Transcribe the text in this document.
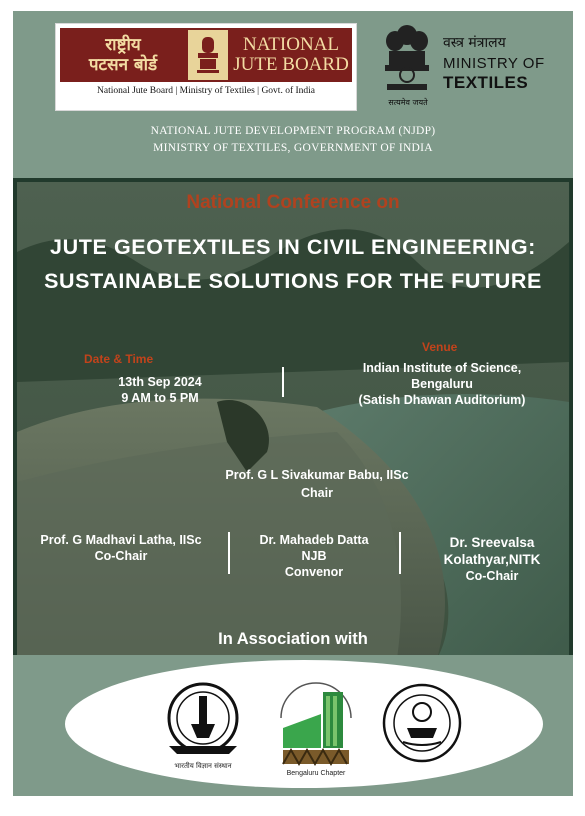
राष्ट्रीय
पटसन बोर्ड
NATIONAL
JUTE BOARD
National Jute Board | Ministry of Textiles | Govt. of India
सत्यमेव जयते
वस्त्र मंत्रालय
MINISTRY OF
TEXTILES
NATIONAL JUTE DEVELOPMENT PROGRAM (NJDP)
MINISTRY OF TEXTILES, GOVERNMENT OF INDIA
National Conference on
JUTE GEOTEXTILES IN CIVIL ENGINEERING:
SUSTAINABLE SOLUTIONS FOR THE FUTURE
Date & Time
13th Sep 2024
9 AM to 5 PM
Venue
Indian Institute of Science,
Bengaluru
(Satish Dhawan Auditorium)
Prof. G L Sivakumar Babu, IISc
Chair
Prof. G Madhavi Latha, IISc
Co-Chair
Dr. Mahadeb Datta
NJB
Convenor
Dr. Sreevalsa
Kolathyar,NITK
Co-Chair
In Association with
भारतीय विज्ञान संस्थान
Bengaluru Chapter
